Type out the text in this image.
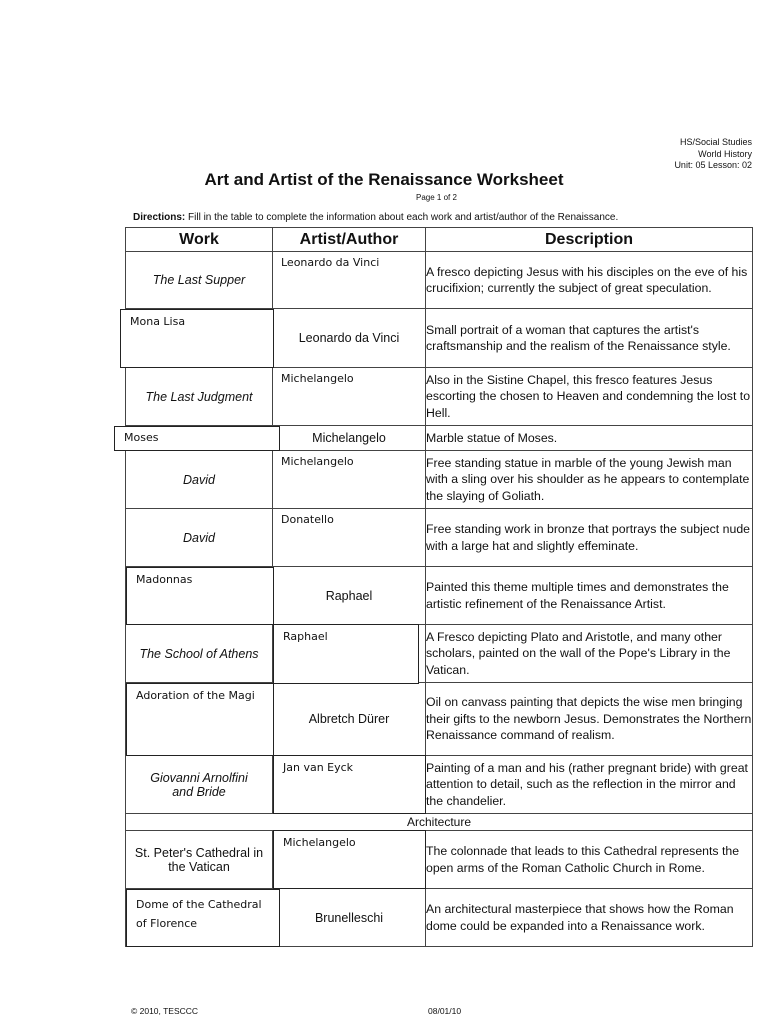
HS/Social Studies
World History
Unit: 05 Lesson: 02
Art and Artist of the Renaissance Worksheet
Page 1 of 2
Directions: Fill in the table to complete the information about each work and artist/author of the Renaissance.
Work	Artist/Author	Description
The Last Supper	Leonardo da Vinci	A fresco depicting Jesus with his disciples on the eve of his crucifixion; currently the subject of great speculation.

Mona Lisa	Leonardo da Vinci	Small portrait of a woman that captures the artist's craftsmanship and the realism of the Renaissance style.
The Last Judgment	Michelangelo	Also in the Sistine Chapel, this fresco features Jesus escorting the chosen to Heaven and condemning the lost to Hell.

Moses	Michelangelo	Marble statue of Moses.
David	Michelangelo	Free standing statue in marble of the young Jewish man with a sling over his shoulder as he appears to contemplate the slaying of Goliath.
David	Donatello	Free standing work in bronze that portrays the subject nude with a large hat and slightly effeminate.

Madonnas	Raphael	Painted this theme multiple times and demonstrates the artistic refinement of the Renaissance Artist.
The School of Athens	Raphael	A Fresco depicting Plato and Aristotle, and many other scholars, painted on the wall of the Pope's Library in the Vatican.

Adoration of the Magi	Albretch Dürer	Oil on canvass painting that depicts the wise men bringing their gifts to the newborn Jesus. Demonstrates the Northern Renaissance command of realism.
Giovanni Arnolfini and Bride	Jan van Eyck	Painting of a man and his (rather pregnant bride) with great attention to detail, such as the reflection in the mirror and the chandelier.
Architecture		
St. Peter's Cathedral in the Vatican	Michelangelo	The colonnade that leads to this Cathedral represents the open arms of the Roman Catholic Church in Rome.

Dome of the Cathedral of Florence	Brunelleschi	An architectural masterpiece that shows how the Roman dome could be expanded into a Renaissance work.
© 2010, TESCCC	08/01/10
